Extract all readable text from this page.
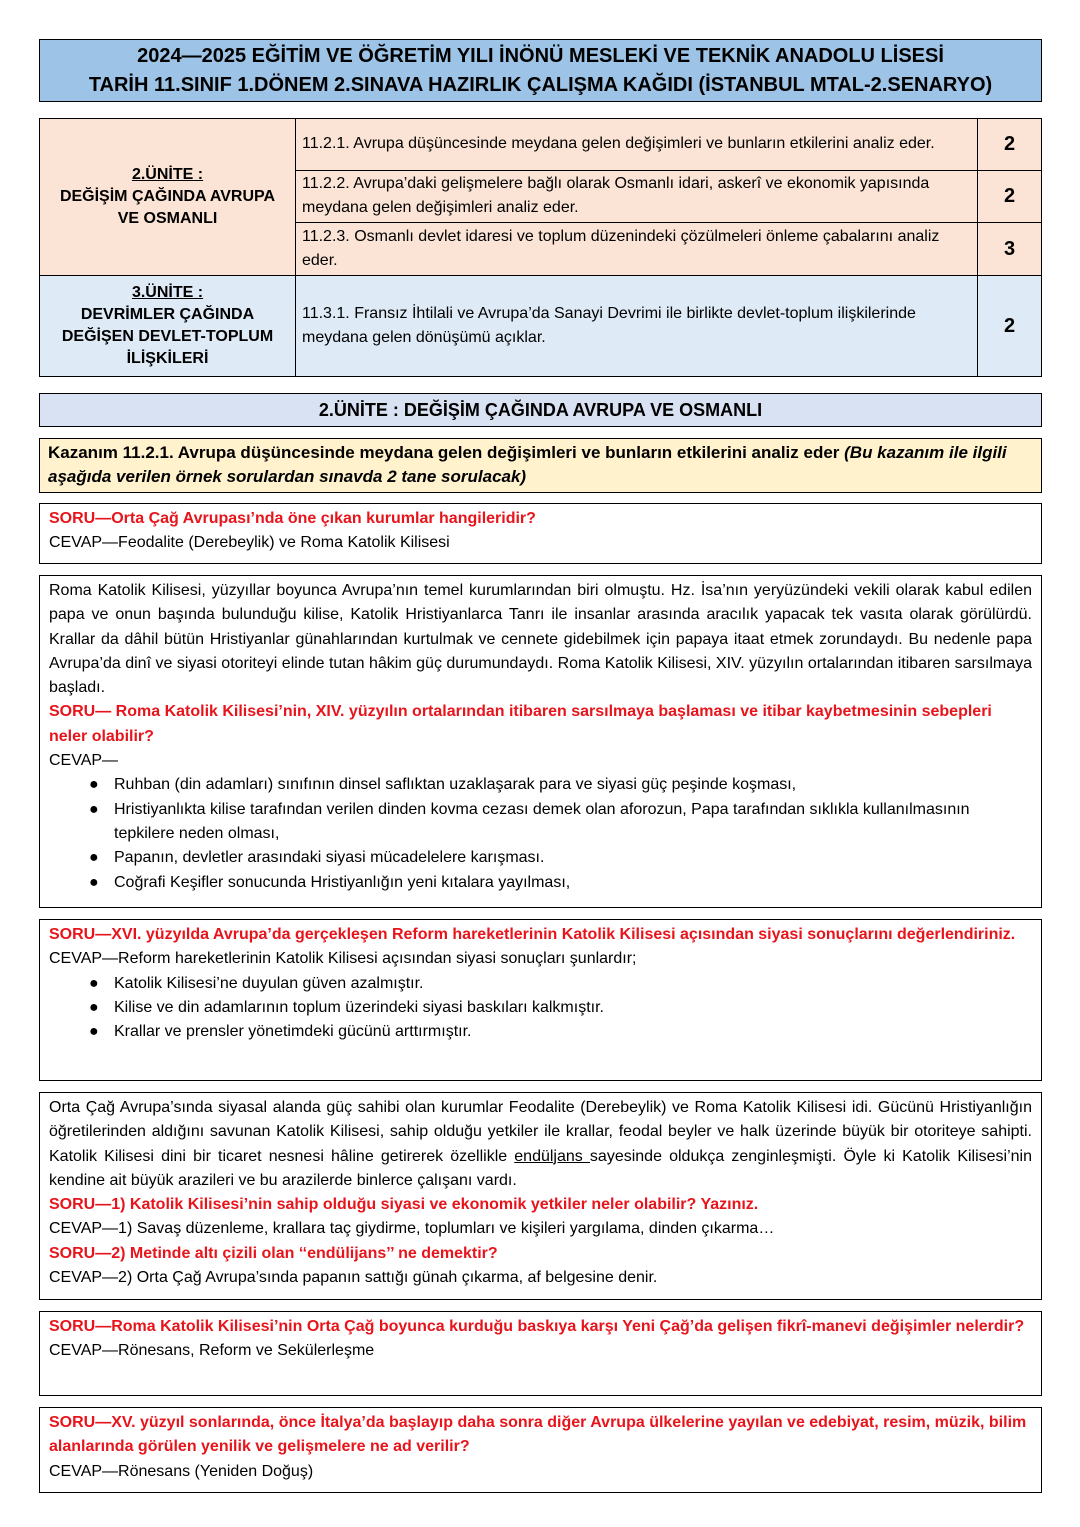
2024—2025 EĞİTİM VE ÖĞRETİM YILI İNÖNÜ MESLEKİ VE TEKNİK ANADOLU LİSESİ
TARİH 11.SINIF 1.DÖNEM 2.SINAVA HAZIRLIK ÇALIŞMA KAĞIDI (İSTANBUL MTAL-2.SENARYO)
2.ÜNİTE :
DEĞİŞİM ÇAĞINDA AVRUPA
VE OSMANLI	11.2.1. Avrupa düşüncesinde meydana gelen değişimleri ve bunların etkilerini analiz eder.	2
	11.2.2. Avrupa’daki gelişmelere bağlı olarak Osmanlı idari, askerî ve ekonomik yapısında meydana gelen değişimleri analiz eder.	2
	11.2.3. Osmanlı devlet idaresi ve toplum düzenindeki çözülmeleri önleme çabalarını analiz eder.	3

3.ÜNİTE :
DEVRİMLER ÇAĞINDA
DEĞİŞEN DEVLET-TOPLUM
İLİŞKİLERİ	11.3.1. Fransız İhtilali ve Avrupa’da Sanayi Devrimi ile birlikte devlet-toplum ilişkilerinde meydana gelen dönüşümü açıklar.	2
2.ÜNİTE : DEĞİŞİM ÇAĞINDA AVRUPA VE OSMANLI
Kazanım 11.2.1. Avrupa düşüncesinde meydana gelen değişimleri ve bunların etkilerini analiz eder (Bu kazanım ile ilgili aşağıda verilen örnek sorulardan sınavda 2 tane sorulacak)
SORU—Orta Çağ Avrupası’nda öne çıkan kurumlar hangileridir?
CEVAP—Feodalite (Derebeylik) ve Roma Katolik Kilisesi
Roma Katolik Kilisesi, yüzyıllar boyunca Avrupa’nın temel kurumlarından biri olmuştu. Hz. İsa’nın yeryüzündeki vekili olarak kabul edilen papa ve onun başında bulunduğu kilise, Katolik Hristiyanlarca Tanrı ile insanlar arasında aracılık yapacak tek vasıta olarak görülürdü. Krallar da dâhil bütün Hristiyanlar günahlarından kurtulmak ve cennete gidebilmek için papaya itaat etmek zorundaydı. Bu nedenle papa Avrupa’da dinî ve siyasi otoriteyi elinde tutan hâkim güç durumundaydı. Roma Katolik Kilisesi, XIV. yüzyılın ortalarından itibaren sarsılmaya başladı.
SORU— Roma Katolik Kilisesi’nin, XIV. yüzyılın ortalarından itibaren sarsılmaya başlaması ve itibar kaybetmesinin sebepleri neler olabilir?
CEVAP—
● Ruhban (din adamları) sınıfının dinsel saflıktan uzaklaşarak para ve siyasi güç peşinde koşması,
● Hristiyanlıkta kilise tarafından verilen dinden kovma cezası demek olan aforozun, Papa tarafından sıklıkla kullanılmasının tepkilere neden olması,
● Papanın, devletler arasındaki siyasi mücadelelere karışması.
● Coğrafi Keşifler sonucunda Hristiyanlığın yeni kıtalara yayılması,
SORU—XVI. yüzyılda Avrupa’da gerçekleşen Reform hareketlerinin Katolik Kilisesi açısından siyasi sonuçlarını değerlendiriniz.
CEVAP—Reform hareketlerinin Katolik Kilisesi açısından siyasi sonuçları şunlardır;
● Katolik Kilisesi’ne duyulan güven azalmıştır.
● Kilise ve din adamlarının toplum üzerindeki siyasi baskıları kalkmıştır.
● Krallar ve prensler yönetimdeki gücünü arttırmıştır.
Orta Çağ Avrupa’sında siyasal alanda güç sahibi olan kurumlar Feodalite (Derebeylik) ve Roma Katolik Kilisesi idi. Gücünü Hristiyanlığın öğretilerinden aldığını savunan Katolik Kilisesi, sahip olduğu yetkiler ile krallar, feodal beyler ve halk üzerinde büyük bir otoriteye sahipti. Katolik Kilisesi dini bir ticaret nesnesi hâline getirerek özellikle endüljans sayesinde oldukça zenginleşmişti. Öyle ki Katolik Kilisesi’nin kendine ait büyük arazileri ve bu arazilerde binlerce çalışanı vardı.
SORU—1) Katolik Kilisesi’nin sahip olduğu siyasi ve ekonomik yetkiler neler olabilir? Yazınız.
CEVAP—1) Savaş düzenleme, krallara taç giydirme, toplumları ve kişileri yargılama, dinden çıkarma…
SORU—2) Metinde altı çizili olan ‘‘endülijans’’ ne demektir?
CEVAP—2) Orta Çağ Avrupa’sında papanın sattığı günah çıkarma, af belgesine denir.
SORU—Roma Katolik Kilisesi’nin Orta Çağ boyunca kurduğu baskıya karşı Yeni Çağ’da gelişen fikrî-manevi değişimler nelerdir?
CEVAP—Rönesans, Reform ve Sekülerleşme
SORU—XV. yüzyıl sonlarında, önce İtalya’da başlayıp daha sonra diğer Avrupa ülkelerine yayılan ve edebiyat, resim, müzik, bilim alanlarında görülen yenilik ve gelişmelere ne ad verilir?
CEVAP—Rönesans (Yeniden Doğuş)
